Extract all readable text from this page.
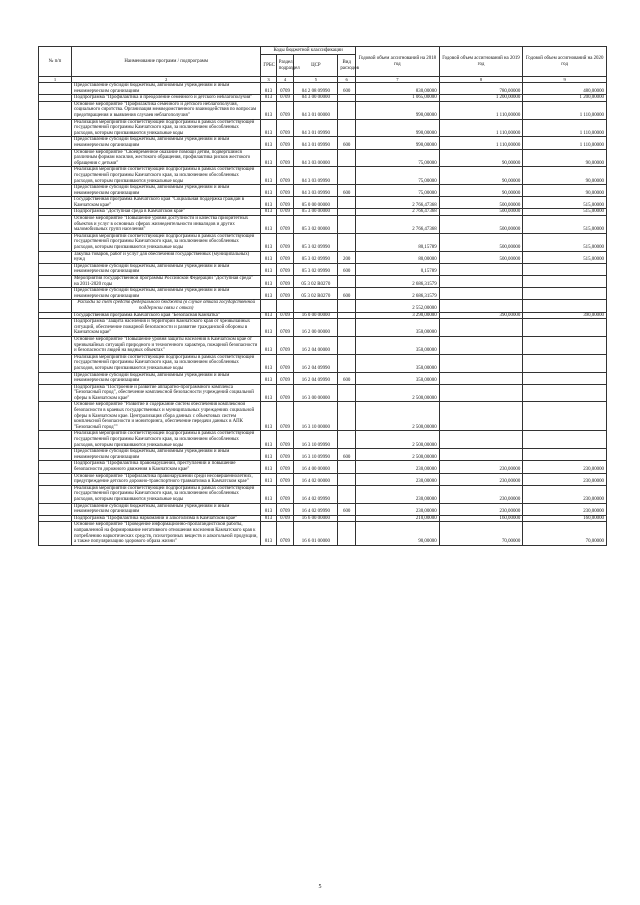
№ п/п	Наименование программ / подпрограмм	Коды бюджетной классификации				Годовой объем ассигнований на 2018 год	Годовой объем ассигнований на 2019 год	Годовой объем ассигнований на 2020 год
		ГРБС	Раздел, подраздел	ЦСР	Вид расходов			
1	2	3	4	5	6	7	8	9
	Предоставление субсидий бюджетным, автономным учреждениям и иным некоммерческим организациям	813	0709	04 2 08 09990	600	830,00000	780,00000	480,00000
	Подпрограмма "Профилактика и преодоление семейного и детского неблагополучия"	813	0709	04 3 00 00000		1 065,00000	1 200,00000	1 200,00000
	Основное мероприятие "Профилактика семейного и детского неблагополучия, социального сиротства. Организация межведомственного взаимодействия по вопросам предотвращения и выявления случаев неблагополучия"	813	0709	04 3 01 00000		990,00000	1 110,00000	1 110,00000
	Реализация мероприятий соответствующей подпрограммы в рамках соответствующей государственной программы Камчатского края, за исключением обособленных расходов, которым присваиваются уникальные коды	813	0709	04 3 01 09990		990,00000	1 110,00000	1 110,00000
	Предоставление субсидий бюджетным, автономным учреждениям и иным некоммерческим организациям	813	0709	04 3 01 09990	600	990,00000	1 110,00000	1 110,00000
	Основное мероприятие "Своевременное оказание помощи детям, подвергшимся различным формам насилия, жестокого обращения, профилактика рисков жестокого обращения с детьми"	813	0709	04 3 03 00000		75,00000	90,00000	90,00000
	Реализация мероприятий соответствующей подпрограммы в рамках соответствующей государственной программы Камчатского края, за исключением обособленных расходов, которым присваиваются уникальные коды	813	0709	04 3 03 09990		75,00000	90,00000	90,00000
	Предоставление субсидий бюджетным, автономным учреждениям и иным некоммерческим организациям	813	0709	04 3 03 09990	600	75,00000	90,00000	90,00000
	Государственная программа Камчатского края "Социальная поддержка граждан в Камчатском крае"	813	0709	05 0 00 00000		2 766,47368	500,00000	515,00000
	Подпрограмма "Доступная среда в Камчатском крае"	813	0709	05 3 00 00000		2 766,47368	500,00000	515,00000
	Основное мероприятие "Повышение уровня доступности и качества приоритетных объектов и услуг в основных сферах жизнедеятельности инвалидов и других маломобильных групп населения"	813	0709	05 3 02 00000		2 766,47368	500,00000	515,00000
	Реализация мероприятий соответствующей подпрограммы в рамках соответствующей государственной программы Камчатского края, за исключением обособленных расходов, которым присваиваются уникальные коды	813	0709	05 3 02 09990		80,15789	500,00000	515,00000
	Закупка товаров, работ и услуг для обеспечения государственных (муниципальных) нужд	813	0709	05 3 02 09990	200	80,00000	500,00000	515,00000
	Предоставление субсидий бюджетным, автономным учреждениям и иным некоммерческим организациям	813	0709	05 3 02 09990	600	0,15789		
	Мероприятия государственной программы Российской Федерации "Доступная среда" на 2011-2020 годы	813	0709	05 3 02 R0270		2 686,31579		
	Предоставление субсидий бюджетным, автономным учреждениям и иным некоммерческим организациям	813	0709	05 3 02 R0270	600	2 686,31579		
	Расходы за счет средств федерального бюджета (в случае отказа государственной поддержки связи с отказ)					2 552,00000		
	Государственная программа Камчатского края "Безопасная Камчатка"	813	0709	16 0 00 00000		3 290,00000	390,00000	390,00000
	Подпрограмма "Защита населения и территорий Камчатского края от чрезвычайных ситуаций, обеспечение пожарной безопасности и развитие гражданской обороны в Камчатском крае"	813	0709	16 2 00 00000		350,00000		
	Основное мероприятие "Повышение уровня защиты населения в Камчатском крае от чрезвычайных ситуаций природного и техногенного характера, пожарной безопасности и безопасности людей на водных объектах"	813	0709	16 2 04 00000		350,00000		
	Реализация мероприятий соответствующей подпрограммы в рамках соответствующей государственной программы Камчатского края, за исключением обособленных расходов, которым присваиваются уникальные коды	813	0709	16 2 04 09990		350,00000		
	Предоставление субсидий бюджетным, автономным учреждениям и иным некоммерческим организациям	813	0709	16 2 04 09990	600	350,00000		
	Подпрограмма "Построение и развитие аппаратно-программного комплекса "Безопасный город", обеспечение комплексной безопасности учреждений социальной сферы в Камчатском крае"	813	0709	16 3 00 00000		2 500,00000		
	Основное мероприятие "Развитие и содержание систем обеспечения комплексной безопасности в краевых государственных и муниципальных учреждениях социальной сферы в Камчатском крае. Централизация сбора данных с объектовых систем комплексной безопасности и мониторинга, обеспечение передачи данных в АПК "Безопасный город""	813	0709	16 3 10 00000		2 500,00000		
	Реализация мероприятий соответствующей подпрограммы в рамках соответствующей государственной программы Камчатского края, за исключением обособленных расходов, которым присваиваются уникальные коды	813	0709	16 3 10 09990		2 500,00000		
	Предоставление субсидий бюджетным, автономным учреждениям и иным некоммерческим организациям	813	0709	16 3 10 09990	600	2 500,00000		
	Подпрограмма "Профилактика правонарушений, преступлений и повышение безопасности дорожного движения в Камчатском крае"	813	0709	16 4 00 00000		230,00000	230,00000	230,00000
	Основное мероприятие "Профилактика правонарушений среди несовершеннолетних, предупреждение детского дорожно-транспортного травматизма в Камчатском крае"	813	0709	16 4 02 00000		230,00000	230,00000	230,00000
	Реализация мероприятий соответствующей подпрограммы в рамках соответствующей государственной программы Камчатского края, за исключением обособленных расходов, которым присваиваются уникальные коды	813	0709	16 4 02 09990		230,00000	230,00000	230,00000
	Предоставление субсидий бюджетным, автономным учреждениям и иным некоммерческим организациям	813	0709	16 4 02 09990	600	230,00000	230,00000	230,00000
	Подпрограмма "Профилактика наркомании и алкоголизма в Камчатском крае"	813	0709	16 6 00 00000		210,00000	160,00000	160,00000
	Основное мероприятие "Проведение информационно-пропагандистской работы, направленной на формирование негативного отношения населения Камчатского края к потреблению наркотических средств, психотропных веществ и алкогольной продукции, а также популяризацию здорового образа жизни"	813	0709	16 6 01 00000		90,00000	70,00000	70,00000
5
